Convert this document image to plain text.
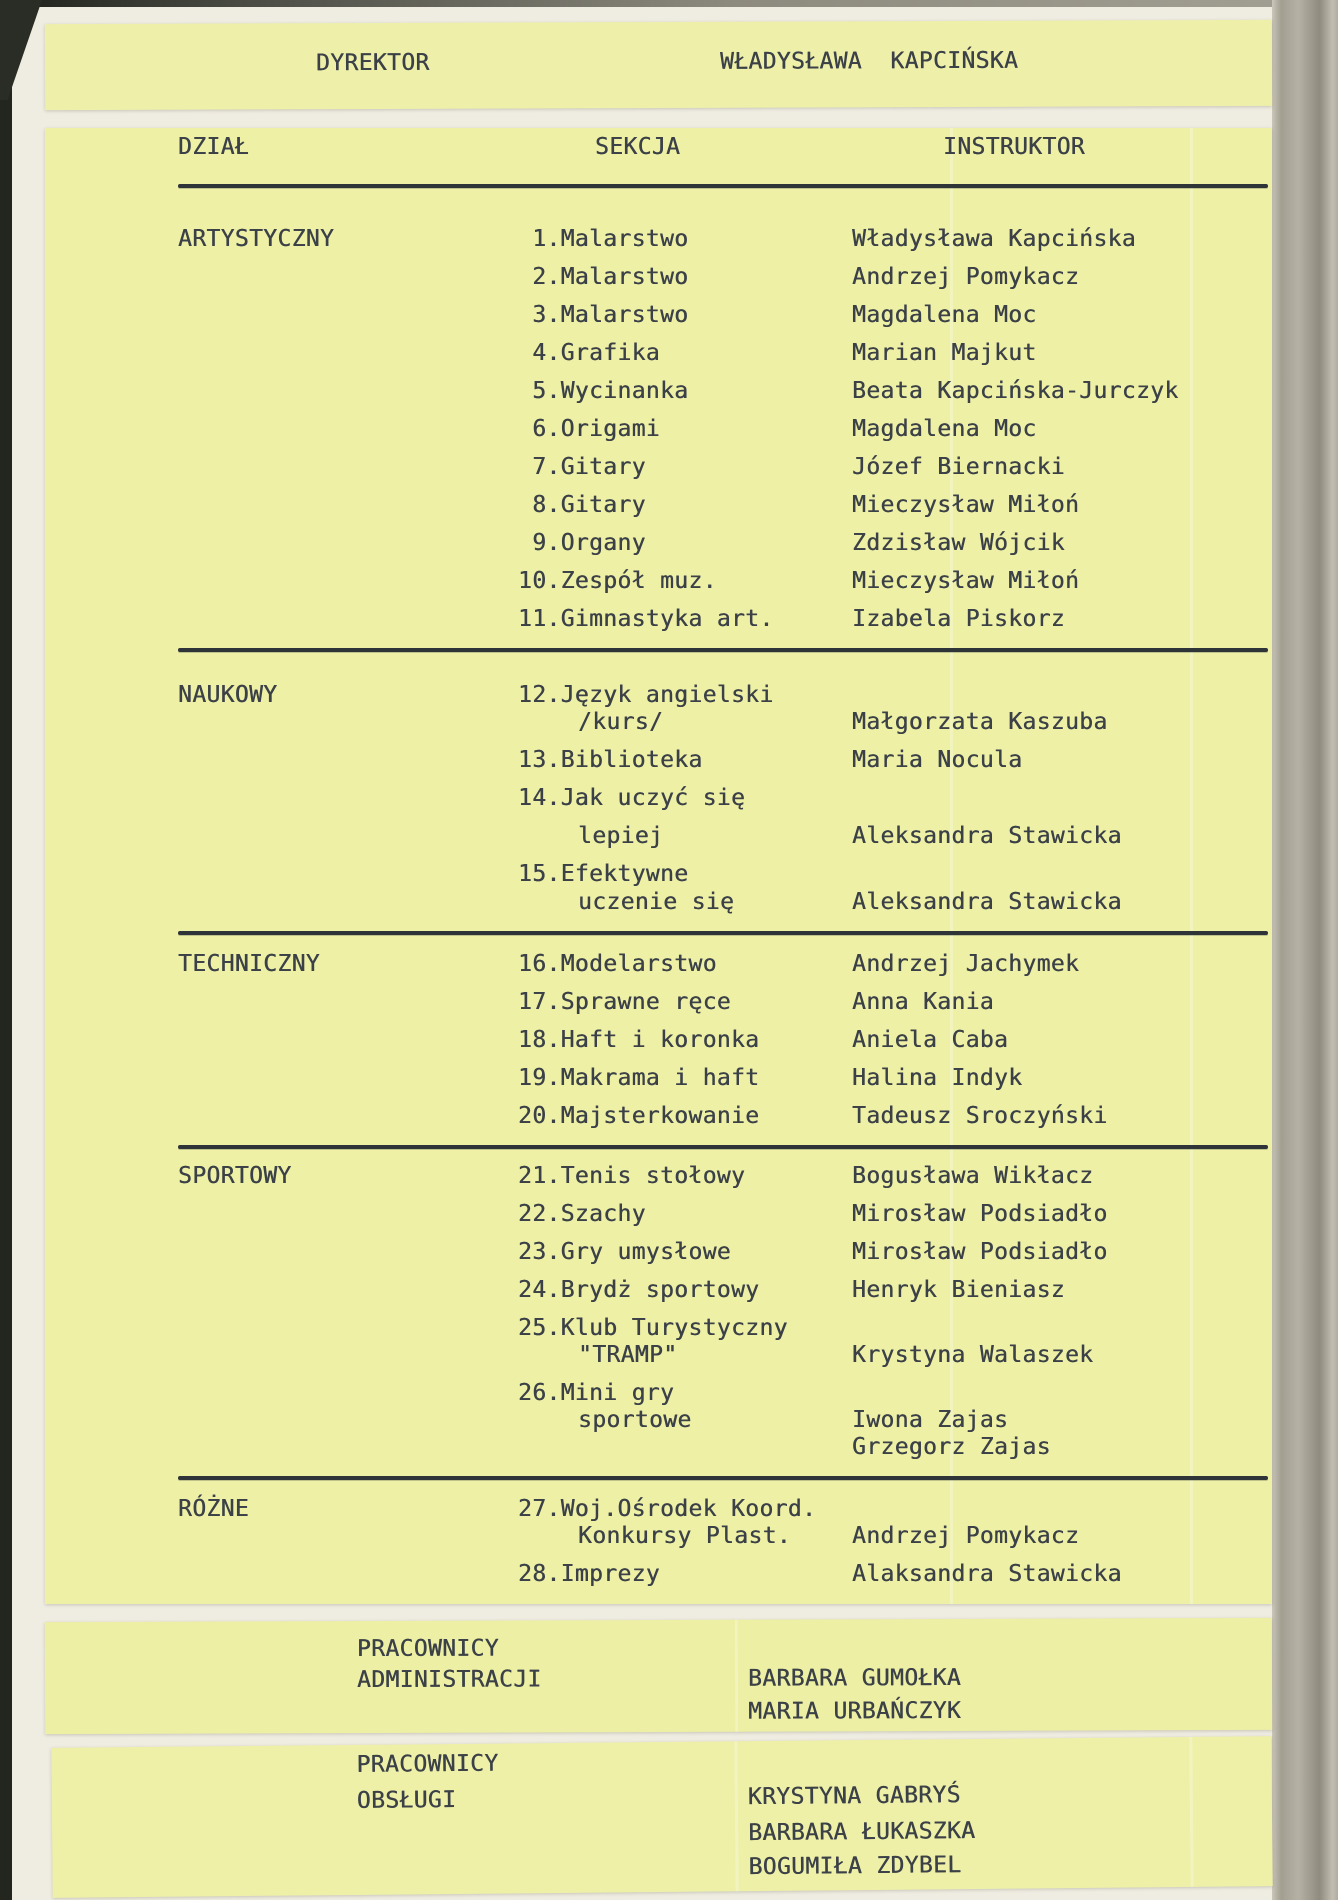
DYREKTOR	WŁADYSŁAWA  KAPCIŃSKA
DZIAŁ	SEKCJA	INSTRUKTOR
ARTYSTYCZNY	1.Malarstwo	Władysława Kapcińska
2.Malarstwo	Andrzej Pomykacz
3.Malarstwo	Magdalena Moc
4.Grafika	Marian Majkut
5.Wycinanka	Beata Kapcińska-Jurczyk
6.Origami	Magdalena Moc
7.Gitary	Józef Biernacki
8.Gitary	Mieczysław Miłoń
9.Organy	Zdzisław Wójcik
10.Zespół muz.	Mieczysław Miłoń
11.Gimnastyka art.	Izabela Piskorz
NAUKOWY	12.Język angielski
/kurs/	Małgorzata Kaszuba
13.Biblioteka	Maria Nocula
14.Jak uczyć się
lepiej	Aleksandra Stawicka
15.Efektywne
uczenie się	Aleksandra Stawicka
TECHNICZNY	16.Modelarstwo	Andrzej Jachymek
17.Sprawne ręce	Anna Kania
18.Haft i koronka	Aniela Caba
19.Makrama i haft	Halina Indyk
20.Majsterkowanie	Tadeusz Sroczyński
SPORTOWY	21.Tenis stołowy	Bogusława Wikłacz
22.Szachy	Mirosław Podsiadło
23.Gry umysłowe	Mirosław Podsiadło
24.Brydż sportowy	Henryk Bieniasz
25.Klub Turystyczny
"TRAMP"	Krystyna Walaszek
26.Mini gry
sportowe	Iwona Zajas
Grzegorz Zajas
RÓŻNE	27.Woj.Ośrodek Koord.
Konkursy Plast.	Andrzej Pomykacz
28.Imprezy	Alaksandra Stawicka
PRACOWNICY
ADMINISTRACJI	BARBARA GUMOŁKA
MARIA URBAŃCZYK
PRACOWNICY
OBSŁUGI	KRYSTYNA GABRYŚ
BARBARA ŁUKASZKA
BOGUMIŁA ZDYBEL
